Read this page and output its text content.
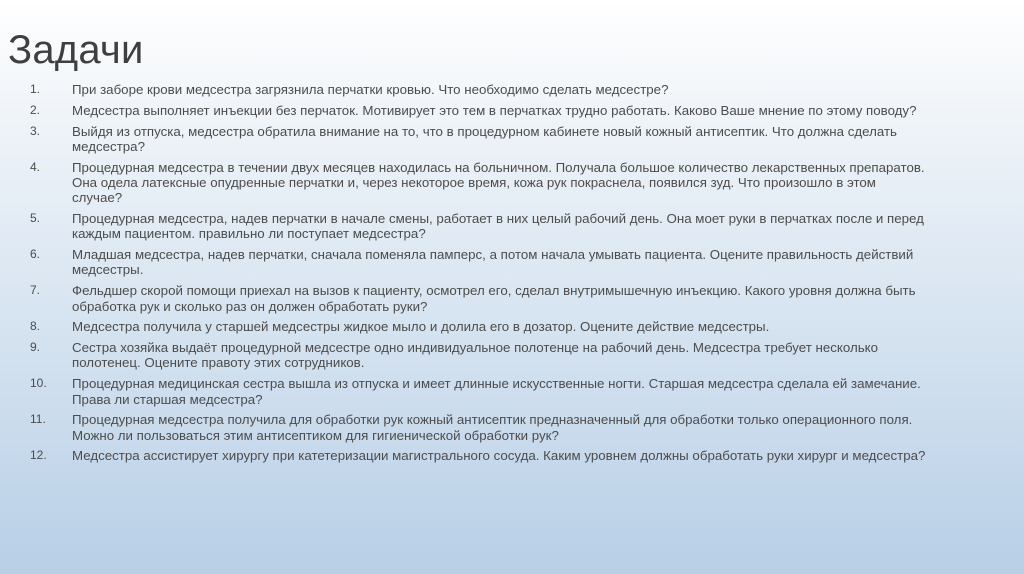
Задачи
1.	При заборе крови медсестра загрязнила перчатки кровью. Что необходимо сделать медсестре?
2.	Медсестра выполняет инъекции без перчаток. Мотивирует это тем в перчатках трудно работать. Каково Ваше мнение по этому поводу?
3.	Выйдя из отпуска, медсестра обратила внимание на то, что в процедурном кабинете новый кожный антисептик. Что должна сделать
медсестра?
4.	Процедурная медсестра в течении двух месяцев находилась на больничном. Получала большое количество лекарственных препаратов.
Она одела латексные опудренные перчатки и, через некоторое время, кожа рук покраснела, появился зуд. Что произошло в этом
случае?
5.	Процедурная медсестра, надев перчатки в начале смены, работает в них целый рабочий день. Она моет руки в перчатках после и перед
каждым пациентом. правильно ли поступает медсестра?
6.	Младшая медсестра, надев перчатки, сначала поменяла памперс, а потом начала умывать пациента. Оцените правильность действий
медсестры.
7.	Фельдшер скорой помощи приехал на вызов к пациенту, осмотрел его, сделал внутримышечную инъекцию. Какого уровня должна быть
обработка рук и сколько раз он должен обработать руки?
8.	Медсестра получила у старшей медсестры жидкое мыло и долила его в дозатор. Оцените действие медсестры.
9.	Сестра хозяйка выдаёт процедурной медсестре одно индивидуальное полотенце на рабочий день. Медсестра требует несколько
полотенец. Оцените правоту этих сотрудников.
10.	Процедурная медицинская сестра вышла из отпуска и имеет длинные искусственные ногти. Старшая медсестра сделала ей замечание.
Права ли старшая медсестра?
11.	Процедурная медсестра получила для обработки рук кожный антисептик предназначенный для обработки только операционного поля.
Можно ли пользоваться этим антисептиком для гигиенической обработки рук?
12.	Медсестра ассистирует хирургу при катетеризации магистрального сосуда. Каким уровнем должны обработать руки хирург и медсестра?
